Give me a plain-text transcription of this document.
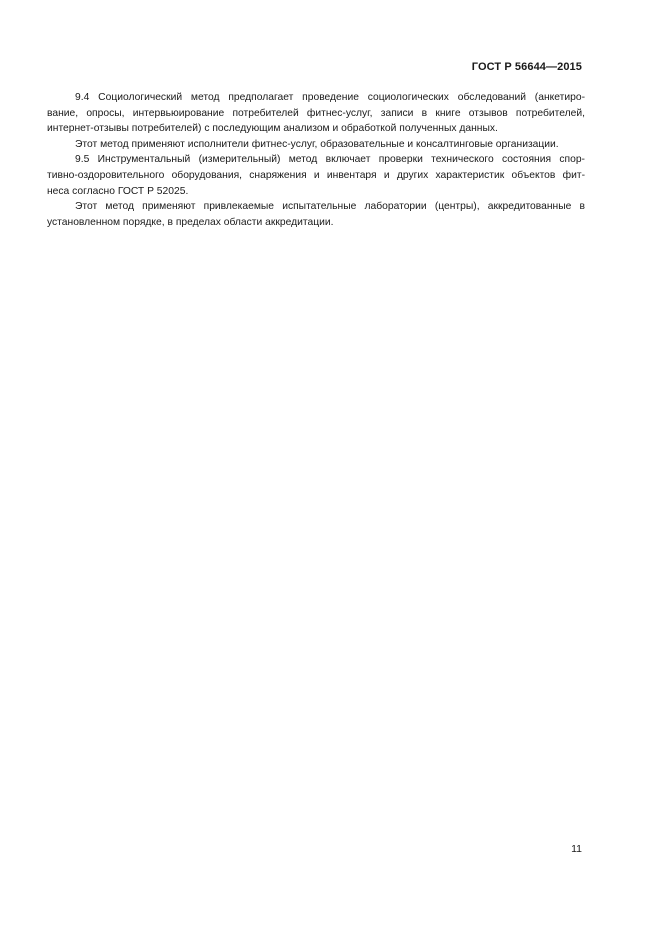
ГОСТ Р 56644—2015
9.4 Социологический метод предполагает проведение социологических обследований (анкетиро-
вание, опросы, интервьюирование потребителей фитнес-услуг, записи в книге отзывов потребителей,
интернет-отзывы потребителей) с последующим анализом и обработкой полученных данных.
Этот метод применяют исполнители фитнес-услуг, образовательные и консалтинговые организации.
9.5 Инструментальный (измерительный) метод включает проверки технического состояния спор-
тивно-оздоровительного оборудования, снаряжения и инвентаря и других характеристик объектов фит-
неса согласно ГОСТ Р 52025.
Этот метод применяют привлекаемые испытательные лаборатории (центры), аккредитованные в
установленном порядке, в пределах области аккредитации.
11
